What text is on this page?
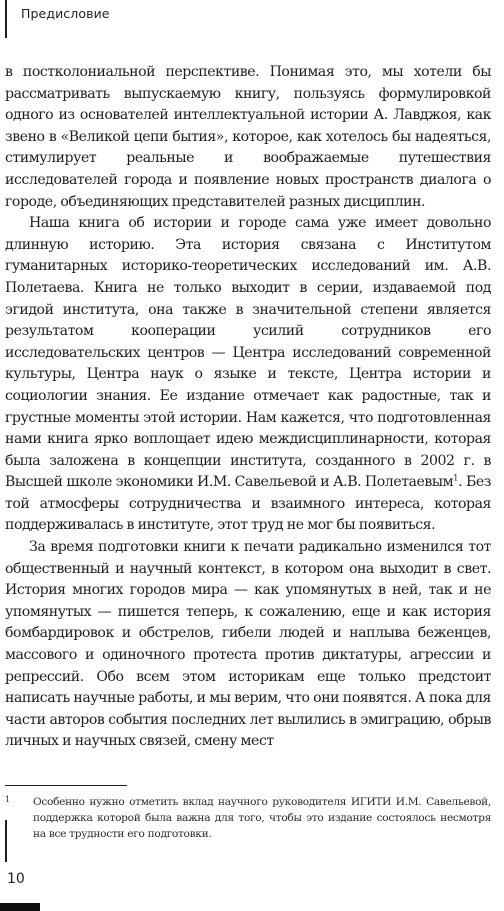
Предисловие

в постколониальной перспективе. Понимая это, мы хотели бы рассматривать выпускаемую книгу, пользуясь формулировкой одного из основателей интеллектуальной истории А. Лавджоя, как звено в «Великой цепи бытия», которое, как хотелось бы надеяться, стимулирует реальные и воображаемые путешествия исследователей города и появление новых пространств диалога о городе, объединяющих представителей разных дисциплин.

Наша книга об истории и городе сама уже имеет довольно длинную историю. Эта история связана с Институтом гуманитарных историко-теоретических исследований им. А.В. Полетаева. Книга не только выходит в серии, издаваемой под эгидой института, она также в значительной степени является результатом кооперации усилий сотрудников его исследовательских центров — Центра исследований современной культуры, Центра наук о языке и тексте, Центра истории и социологии знания. Ее издание отмечает как радостные, так и грустные моменты этой истории. Нам кажется, что подготовленная нами книга ярко воплощает идею междисциплинарности, которая была заложена в концепции института, созданного в 2002 г. в Высшей школе экономики И.М. Савельевой и А.В. Полетаевым$^1$. Без той атмосферы сотрудничества и взаимного интереса, которая поддерживалась в институте, этот труд не мог бы появиться.

За время подготовки книги к печати радикально изменился тот общественный и научный контекст, в котором она выходит в свет. История многих городов мира — как упомянутых в ней, так и не упомянутых — пишется теперь, к сожалению, еще и как история бомбардировок и обстрелов, гибели людей и наплыва беженцев, массового и одиночного протеста против диктатуры, агрессии и репрессий. Обо всем этом историкам еще только предстоит написать научные работы, и мы верим, что они появятся. А пока для части авторов события последних лет вылились в эмиграцию, обрыв личных и научных связей, смену мест

1 Особенно нужно отметить вклад научного руководителя ИГИТИ И.М. Савельевой, поддержка которой была важна для того, чтобы это издание состоялось несмотря на все трудности его подготовки.
10
